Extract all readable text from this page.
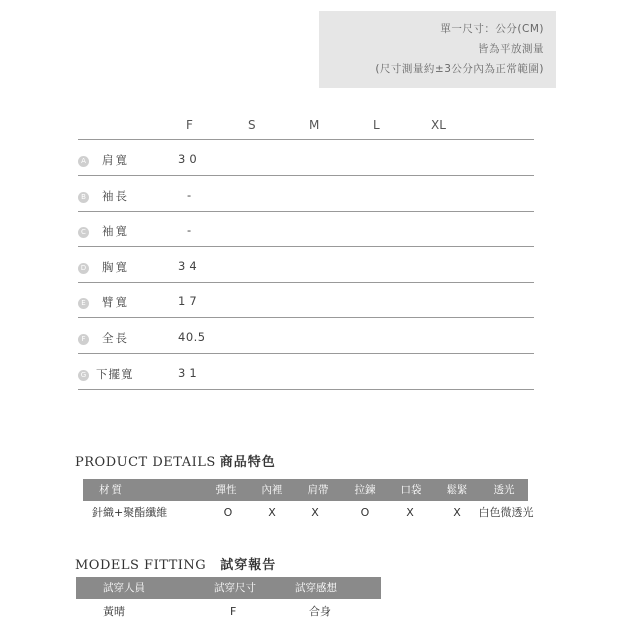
單一尺寸：公分(CM)
皆為平放測量
(尺寸測量約±3公分內為正常範圍)
F	S	M	L	XL
A 肩寬	30
B 袖長	-
C 袖寬	-
D 胸寬	34
E 臂寬	17
F	全長	40.5
G 下擺寬	31
PRODUCT DETAILS 商品特色
材質	彈性 內裡 肩帶 拉鍊 口袋 鬆緊 透光
針織+聚酯纖維	O	X	X	O	X	X 白色微透光
MODELS FITTING 試穿報告
試穿人員	試穿尺寸	試穿感想
黃晴	F	合身
